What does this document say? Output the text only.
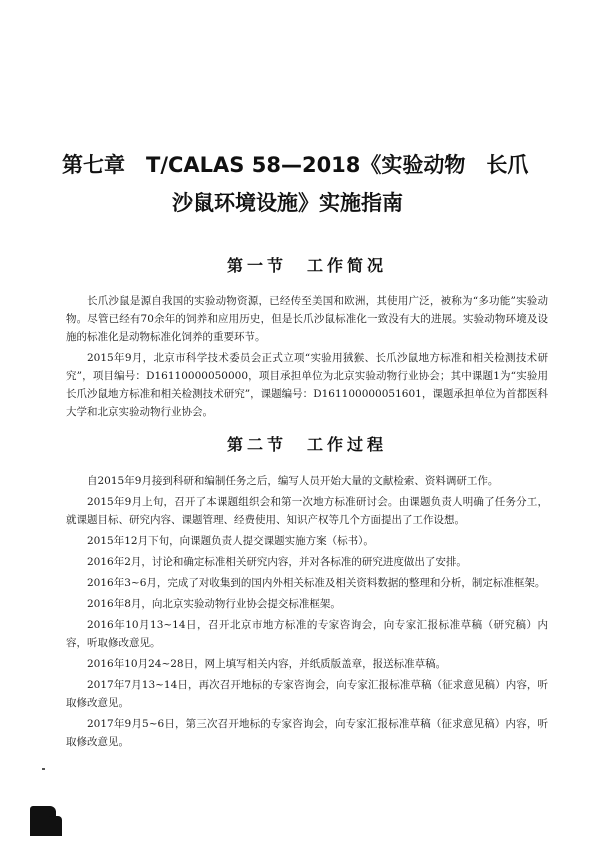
第七章　T/CALAS 58—2018《实验动物　长爪
沙鼠环境设施》实施指南
第一节　工作简况

长爪沙鼠是源自我国的实验动物资源，已经传至美国和欧洲，其使用广泛，被称为“多功能”实验动物。尽管已经有70余年的饲养和应用历史，但是长爪沙鼠标准化一致没有大的进展。实验动物环境及设施的标准化是动物标准化饲养的重要环节。

2015年9月，北京市科学技术委员会正式立项“实验用狨猴、长爪沙鼠地方标准和相关检测技术研究”，项目编号：D16110000050000，项目承担单位为北京实验动物行业协会；其中课题1为“实验用长爪沙鼠地方标准和相关检测技术研究”，课题编号：D161100000051601，课题承担单位为首都医科大学和北京实验动物行业协会。

第二节　工作过程

自2015年9月接到科研和编制任务之后，编写人员开始大量的文献检索、资料调研工作。

2015年9月上旬，召开了本课题组织会和第一次地方标准研讨会。由课题负责人明确了任务分工，就课题目标、研究内容、课题管理、经费使用、知识产权等几个方面提出了工作设想。

2015年12月下旬，向课题负责人提交课题实施方案（标书）。

2016年2月，讨论和确定标准相关研究内容，并对各标准的研究进度做出了安排。

2016年3~6月，完成了对收集到的国内外相关标准及相关资料数据的整理和分析，制定标准框架。

2016年8月，向北京实验动物行业协会提交标准框架。

2016年10月13~14日，召开北京市地方标准的专家咨询会，向专家汇报标准草稿（研究稿）内容，听取修改意见。

2016年10月24~28日，网上填写相关内容，并纸质版盖章，报送标准草稿。

2017年7月13~14日，再次召开地标的专家咨询会，向专家汇报标准草稿（征求意见稿）内容，听取修改意见。

2017年9月5~6日，第三次召开地标的专家咨询会，向专家汇报标准草稿（征求意见稿）内容，听取修改意见。
